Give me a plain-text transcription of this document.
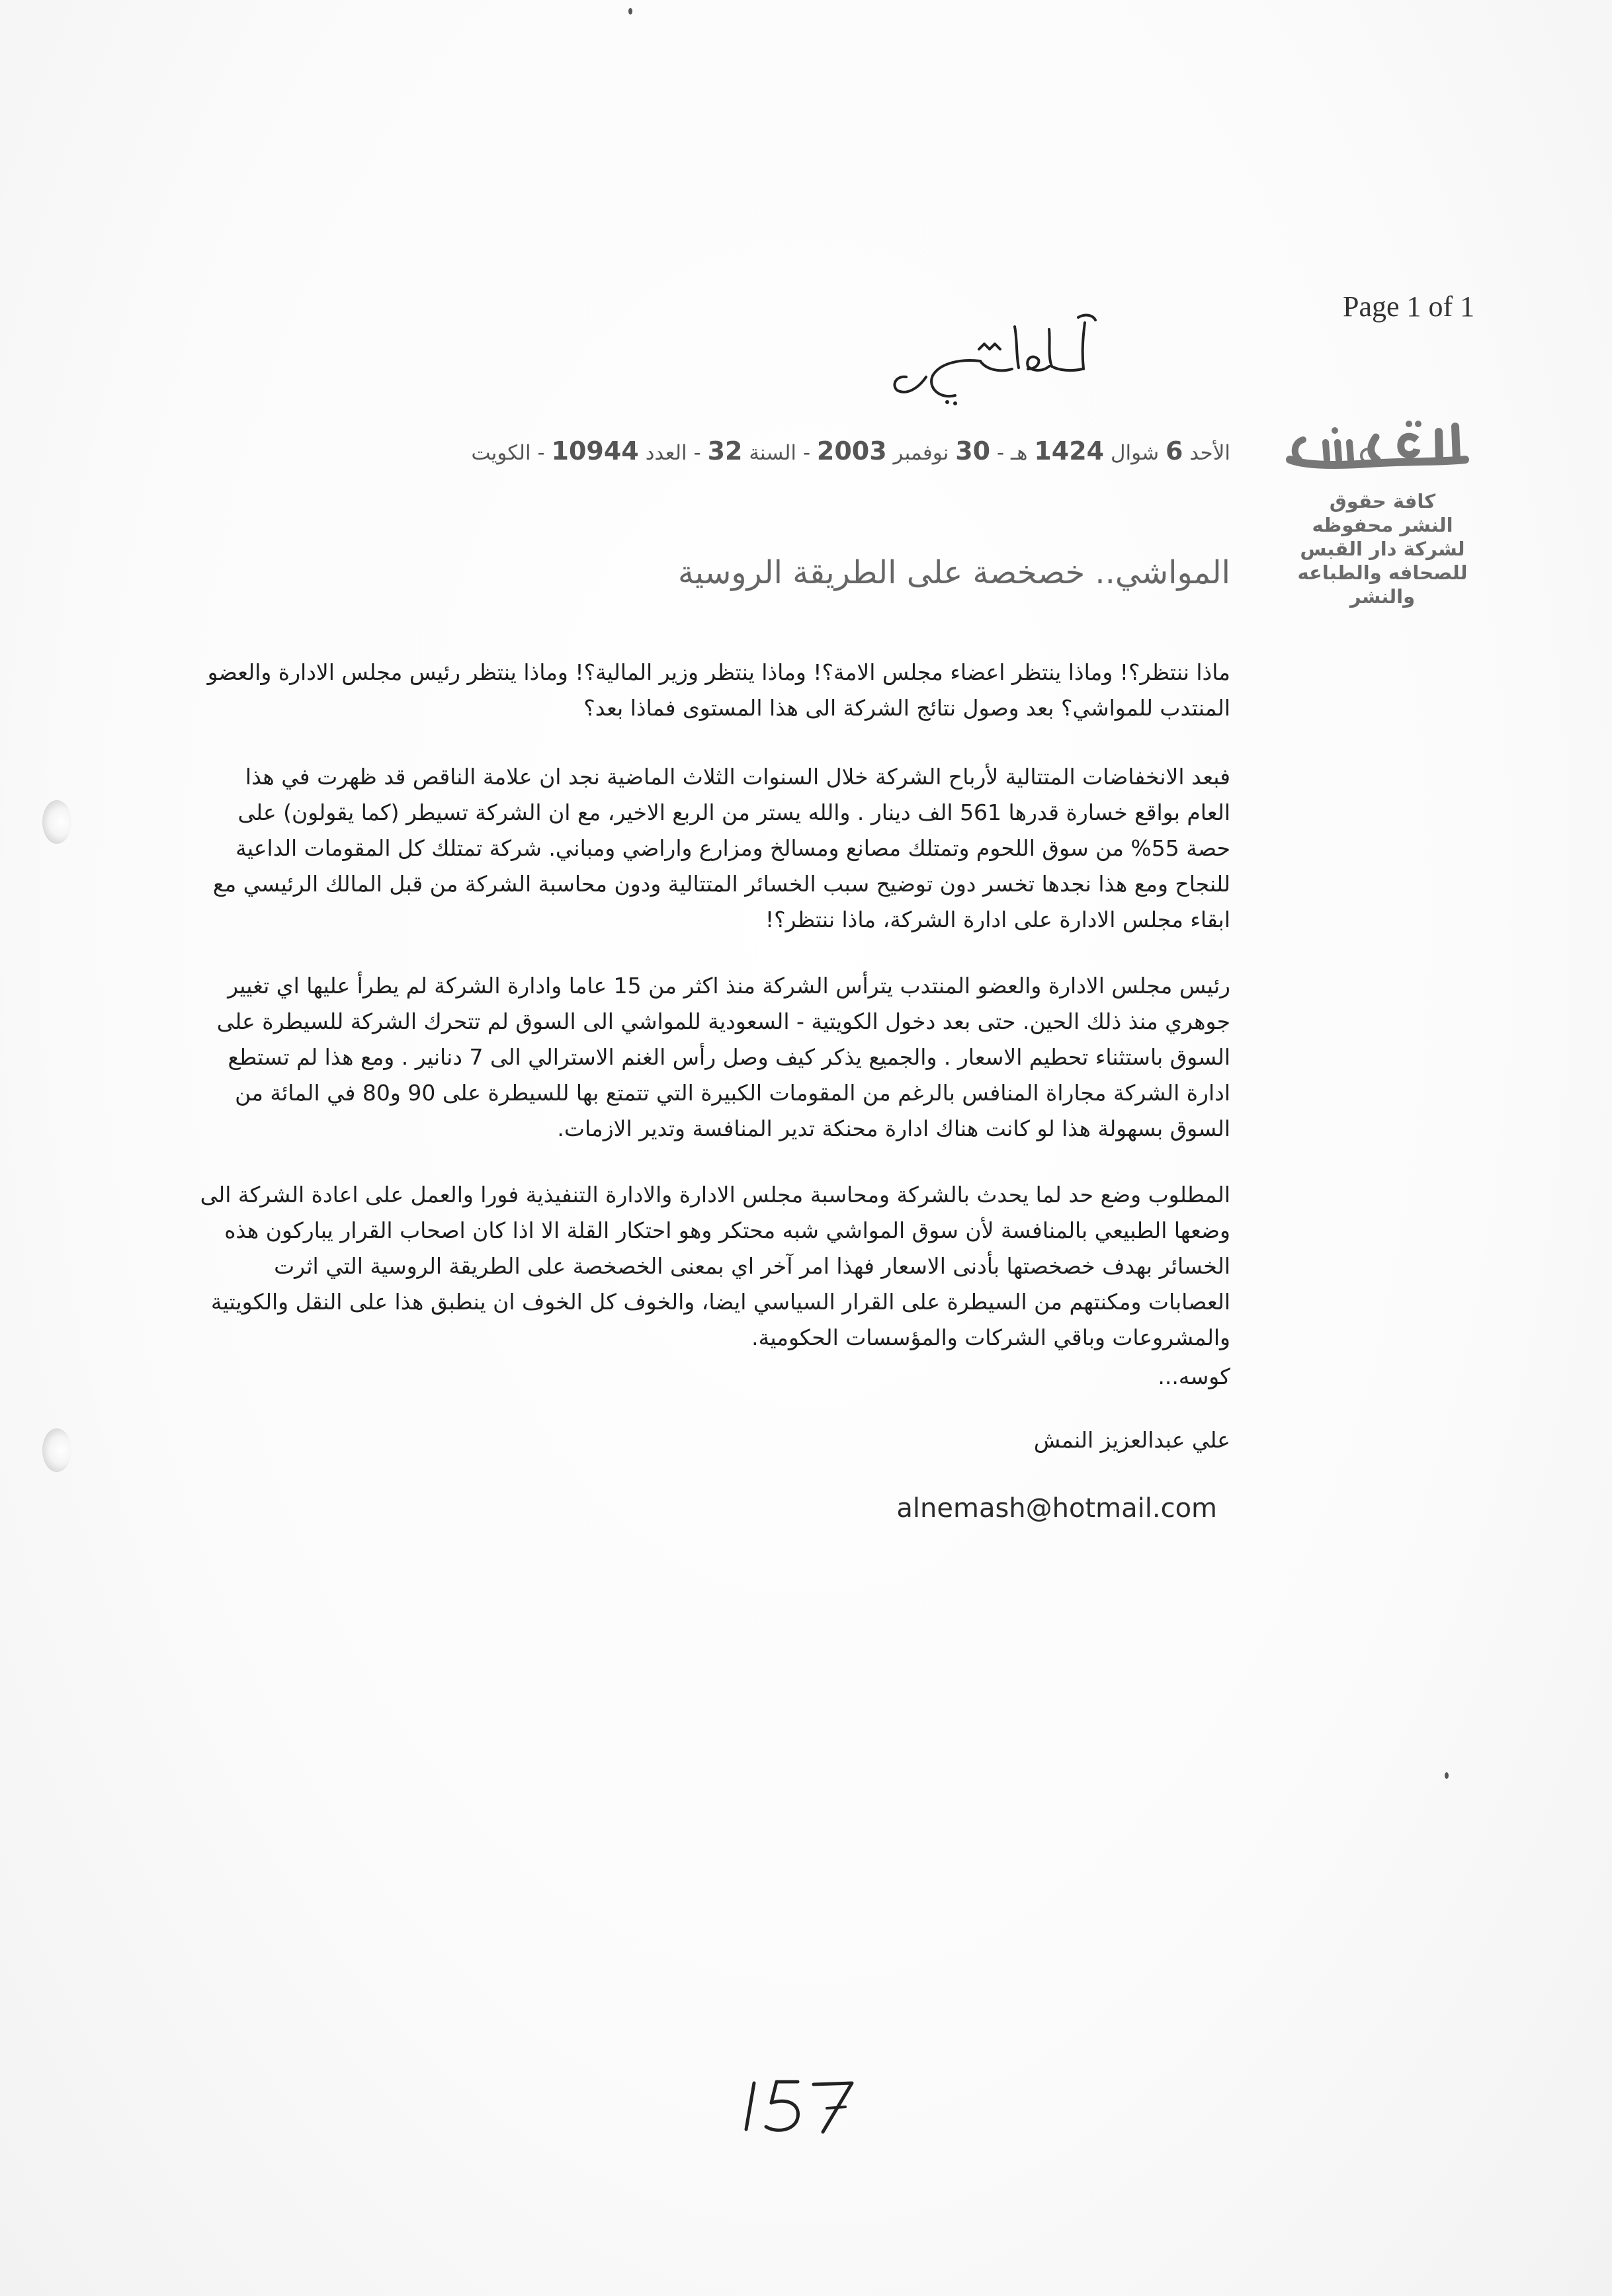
Page 1 of 1
الأحد 6 شوال 1424 هـ - 30 نوفمبر 2003 - السنة 32 - العدد 10944 - الكويت
كافة حقوق
النشر محفوظه
لشركة دار القبس
للصحافه والطباعه
والنشر
المواشي.. خصخصة على الطريقة الروسية

ماذا ننتظر؟! وماذا ينتظر اعضاء مجلس الامة؟! وماذا ينتظر وزير المالية؟! وماذا ينتظر رئيس مجلس الادارة والعضو المنتدب للمواشي؟ بعد وصول نتائج الشركة الى هذا المستوى فماذا بعد؟

فبعد الانخفاضات المتتالية لأرباح الشركة خلال السنوات الثلاث الماضية نجد ان علامة الناقص قد ظهرت في هذا العام بواقع خسارة قدرها 561 الف دينار . والله يستر من الربع الاخير، مع ان الشركة تسيطر (كما يقولون) على حصة 55% من سوق اللحوم وتمتلك مصانع ومسالخ ومزارع واراضي ومباني. شركة تمتلك كل المقومات الداعية للنجاح ومع هذا نجدها تخسر دون توضيح سبب الخسائر المتتالية ودون محاسبة الشركة من قبل المالك الرئيسي مع ابقاء مجلس الادارة على ادارة الشركة، ماذا ننتظر؟!

رئيس مجلس الادارة والعضو المنتدب يترأس الشركة منذ اكثر من 15 عاما وادارة الشركة لم يطرأ عليها اي تغيير جوهري منذ ذلك الحين. حتى بعد دخول الكويتية - السعودية للمواشي الى السوق لم تتحرك الشركة للسيطرة على السوق باستثناء تحطيم الاسعار . والجميع يذكر كيف وصل رأس الغنم الاسترالي الى 7 دنانير . ومع هذا لم تستطع ادارة الشركة مجاراة المنافس بالرغم من المقومات الكبيرة التي تتمتع بها للسيطرة على 90 و80 في المائة من السوق بسهولة هذا لو كانت هناك ادارة محنكة تدير المنافسة وتدير الازمات.

المطلوب وضع حد لما يحدث بالشركة ومحاسبة مجلس الادارة والادارة التنفيذية فورا والعمل على اعادة الشركة الى وضعها الطبيعي بالمنافسة لأن سوق المواشي شبه محتكر وهو احتكار القلة الا اذا كان اصحاب القرار يباركون هذه الخسائر بهدف خصخصتها بأدنى الاسعار فهذا امر آخر اي بمعنى الخصخصة على الطريقة الروسية التي اثرت العصابات ومكنتهم من السيطرة على القرار السياسي ايضا، والخوف كل الخوف ان ينطبق هذا على النقل والكويتية والمشروعات وباقي الشركات والمؤسسات الحكومية.

كوسه...
علي عبدالعزيز النمش
alnemash@hotmail.com
